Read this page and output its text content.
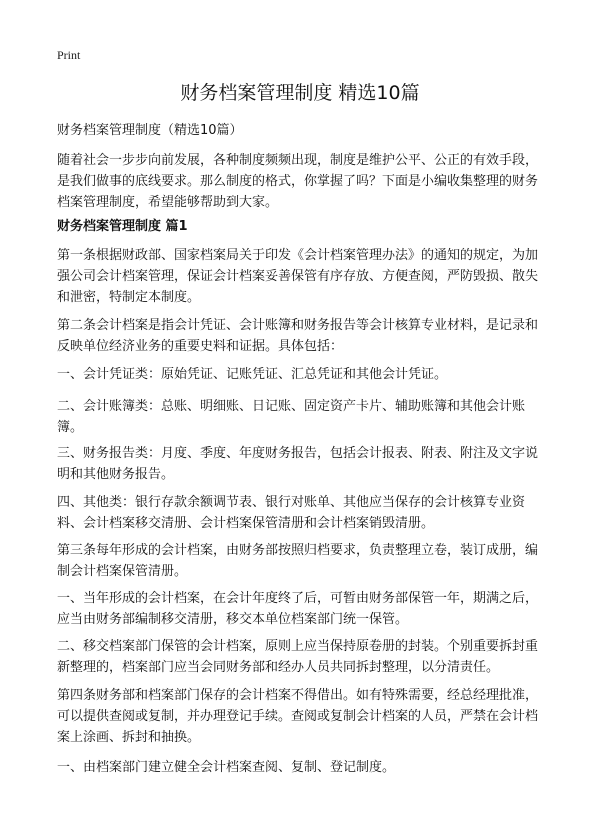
Print
财务档案管理制度 精选10篇

财务档案管理制度（精选10篇）

随着社会一步步向前发展，各种制度频频出现，制度是维护公平、公正的有效手段，是我们做事的底线要求。那么制度的格式，你掌握了吗？下面是小编收集整理的财务档案管理制度，希望能够帮助到大家。

财务档案管理制度 篇1

第一条根据财政部、国家档案局关于印发《会计档案管理办法》的通知的规定，为加强公司会计档案管理，保证会计档案妥善保管有序存放、方便查阅，严防毁损、散失和泄密，特制定本制度。

第二条会计档案是指会计凭证、会计账簿和财务报告等会计核算专业材料，是记录和反映单位经济业务的重要史料和证据。具体包括：

一、会计凭证类：原始凭证、记账凭证、汇总凭证和其他会计凭证。

二、会计账簿类：总账、明细账、日记账、固定资产卡片、辅助账簿和其他会计账簿。

三、财务报告类：月度、季度、年度财务报告，包括会计报表、附表、附注及文字说明和其他财务报告。

四、其他类：银行存款余额调节表、银行对账单、其他应当保存的会计核算专业资料、会计档案移交清册、会计档案保管清册和会计档案销毁清册。

第三条每年形成的会计档案，由财务部按照归档要求，负责整理立卷，装订成册，编制会计档案保管清册。

一、当年形成的会计档案，在会计年度终了后，可暂由财务部保管一年，期满之后，应当由财务部编制移交清册，移交本单位档案部门统一保管。

二、移交档案部门保管的会计档案，原则上应当保持原卷册的封装。个别重要拆封重新整理的，档案部门应当会同财务部和经办人员共同拆封整理，以分清责任。

第四条财务部和档案部门保存的会计档案不得借出。如有特殊需要，经总经理批准，可以提供查阅或复制，并办理登记手续。查阅或复制会计档案的人员，严禁在会计档案上涂画、拆封和抽换。

一、由档案部门建立健全会计档案查阅、复制、登记制度。
